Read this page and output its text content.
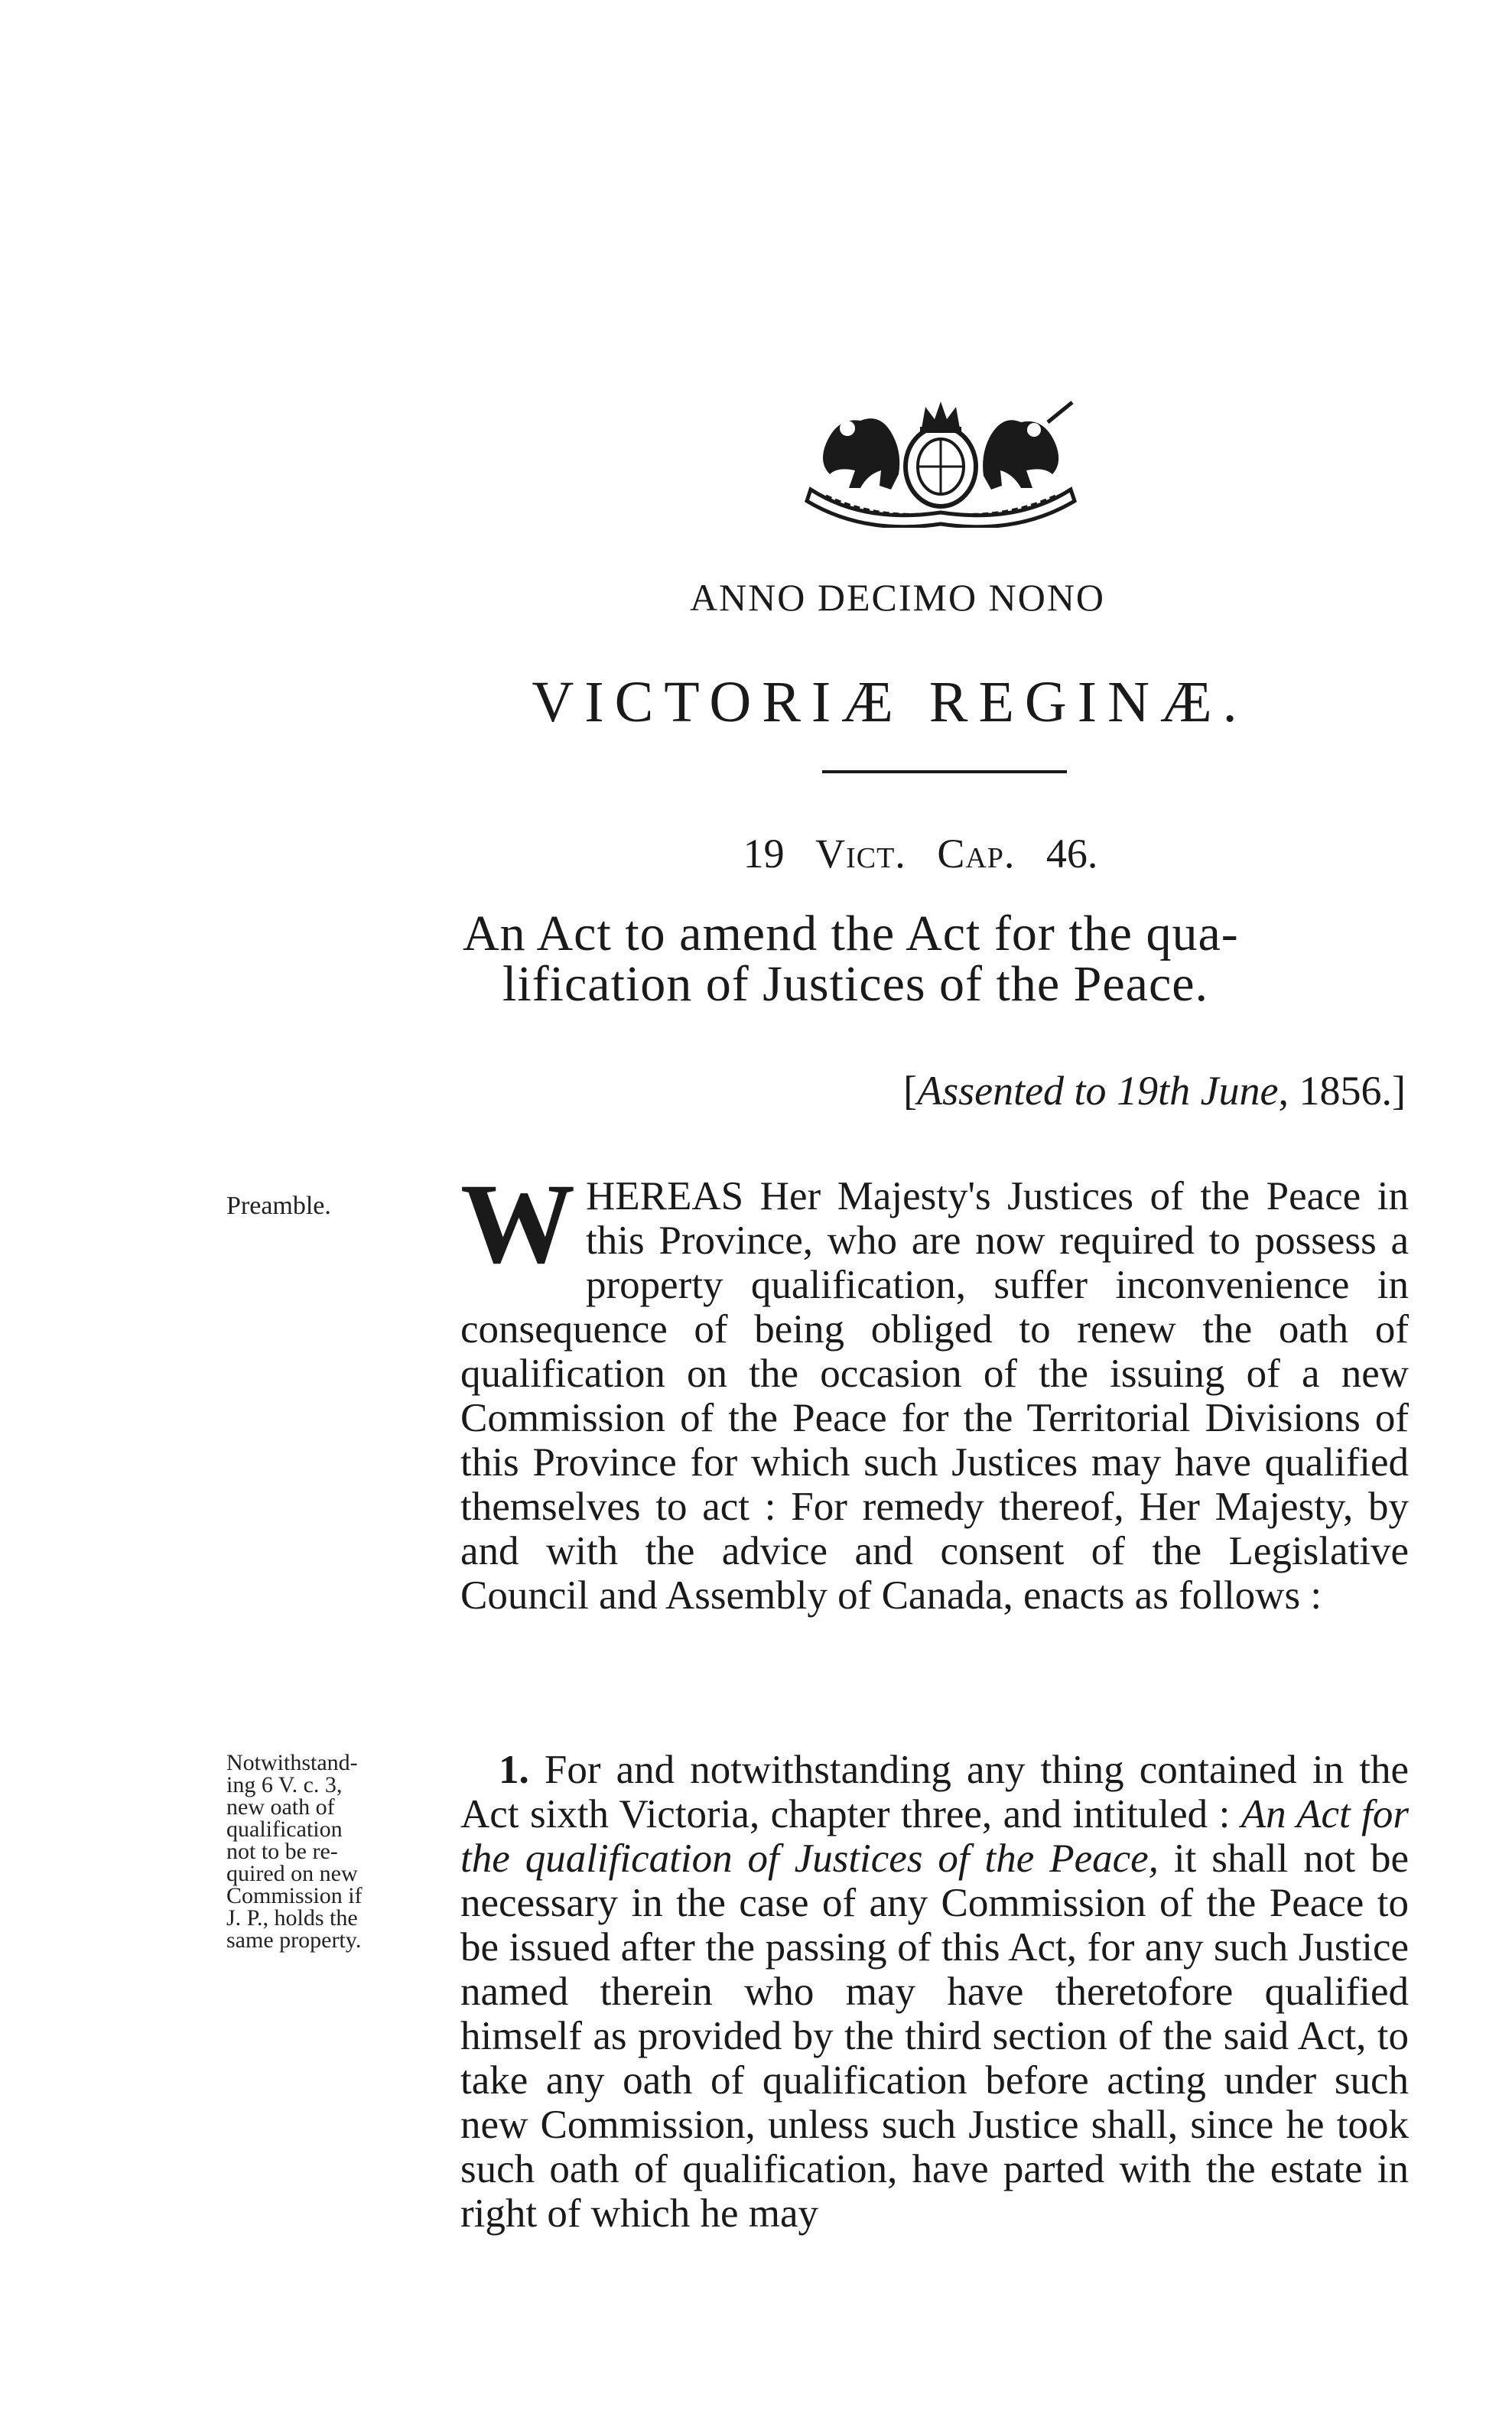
ANNO DECIMO NONO
VICTORIÆ REGINÆ.
19 Vict. Cap. 46.
An Act to amend the Act for the qua-
lification of Justices of the Peace.
[Assented to 19th June, 1856.]
Preamble.	WHEREAS Her Majesty's Justices of the Peace in this Province, who are now required to possess a property qualification, suffer inconvenience in consequence of being obliged to renew the oath of qualification on the occasion of the issuing of a new Commission of the Peace for the Territorial Divisions of this Province for which such Justices may have qualified themselves to act : For remedy thereof, Her Majesty, by and with the advice and consent of the Legislative Council and Assembly of Canada, enacts as follows :
Notwithstand-
ing 6 V. c. 3,
new oath of
qualification
not to be re-
quired on new
Commission if
J. P., holds the
same property.
1. For and notwithstanding any thing contained in the Act sixth Victoria, chapter three, and intituled : An Act for the qualification of Justices of the Peace, it shall not be necessary in the case of any Commission of the Peace to be issued after the passing of this Act, for any such Justice named therein who may have theretofore qualified himself as provided by the third section of the said Act, to take any oath of qualification before acting under such new Commission, unless such Justice shall, since he took such oath of qualification, have parted with the estate in right of which he may
